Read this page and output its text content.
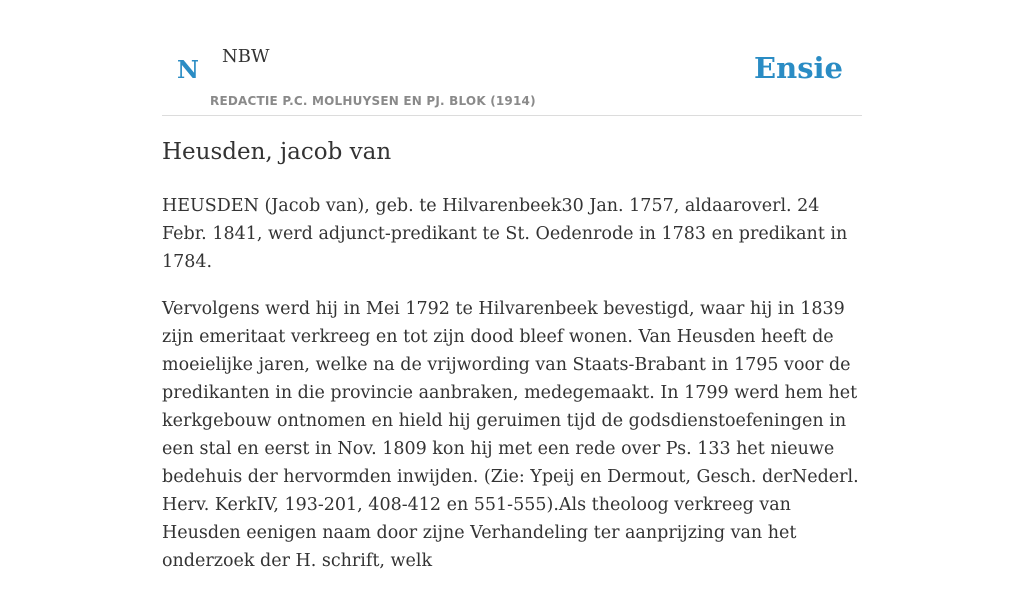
N NBW
REDACTIE P.C. MOLHUYSEN EN PJ. BLOK (1914)
Ensie
Heusden, jacob van

HEUSDEN (Jacob van), geb. te Hilvarenbeek30 Jan. 1757, aldaaroverl. 24 Febr. 1841, werd adjunct-predikant te St. Oedenrode in 1783 en predikant in 1784.

Vervolgens werd hij in Mei 1792 te Hilvarenbeek bevestigd, waar hij in 1839 zijn emeritaat verkreeg en tot zijn dood bleef wonen. Van Heusden heeft de moeielijke jaren, welke na de vrijwording van Staats-Brabant in 1795 voor de predikanten in die provincie aanbraken, medegemaakt. In 1799 werd hem het kerkgebouw ontnomen en hield hij geruimen tijd de godsdienstoefeningen in een stal en eerst in Nov. 1809 kon hij met een rede over Ps. 133 het nieuwe bedehuis der hervormden inwijden. (Zie: Ypeij en Dermout, Gesch. derNederl. Herv. KerkIV, 193-201, 408-412 en 551-555).Als theoloog verkreeg van Heusden eenigen naam door zijne Verhandeling ter aanprijzing van het onderzoek der H. schrift, welk
